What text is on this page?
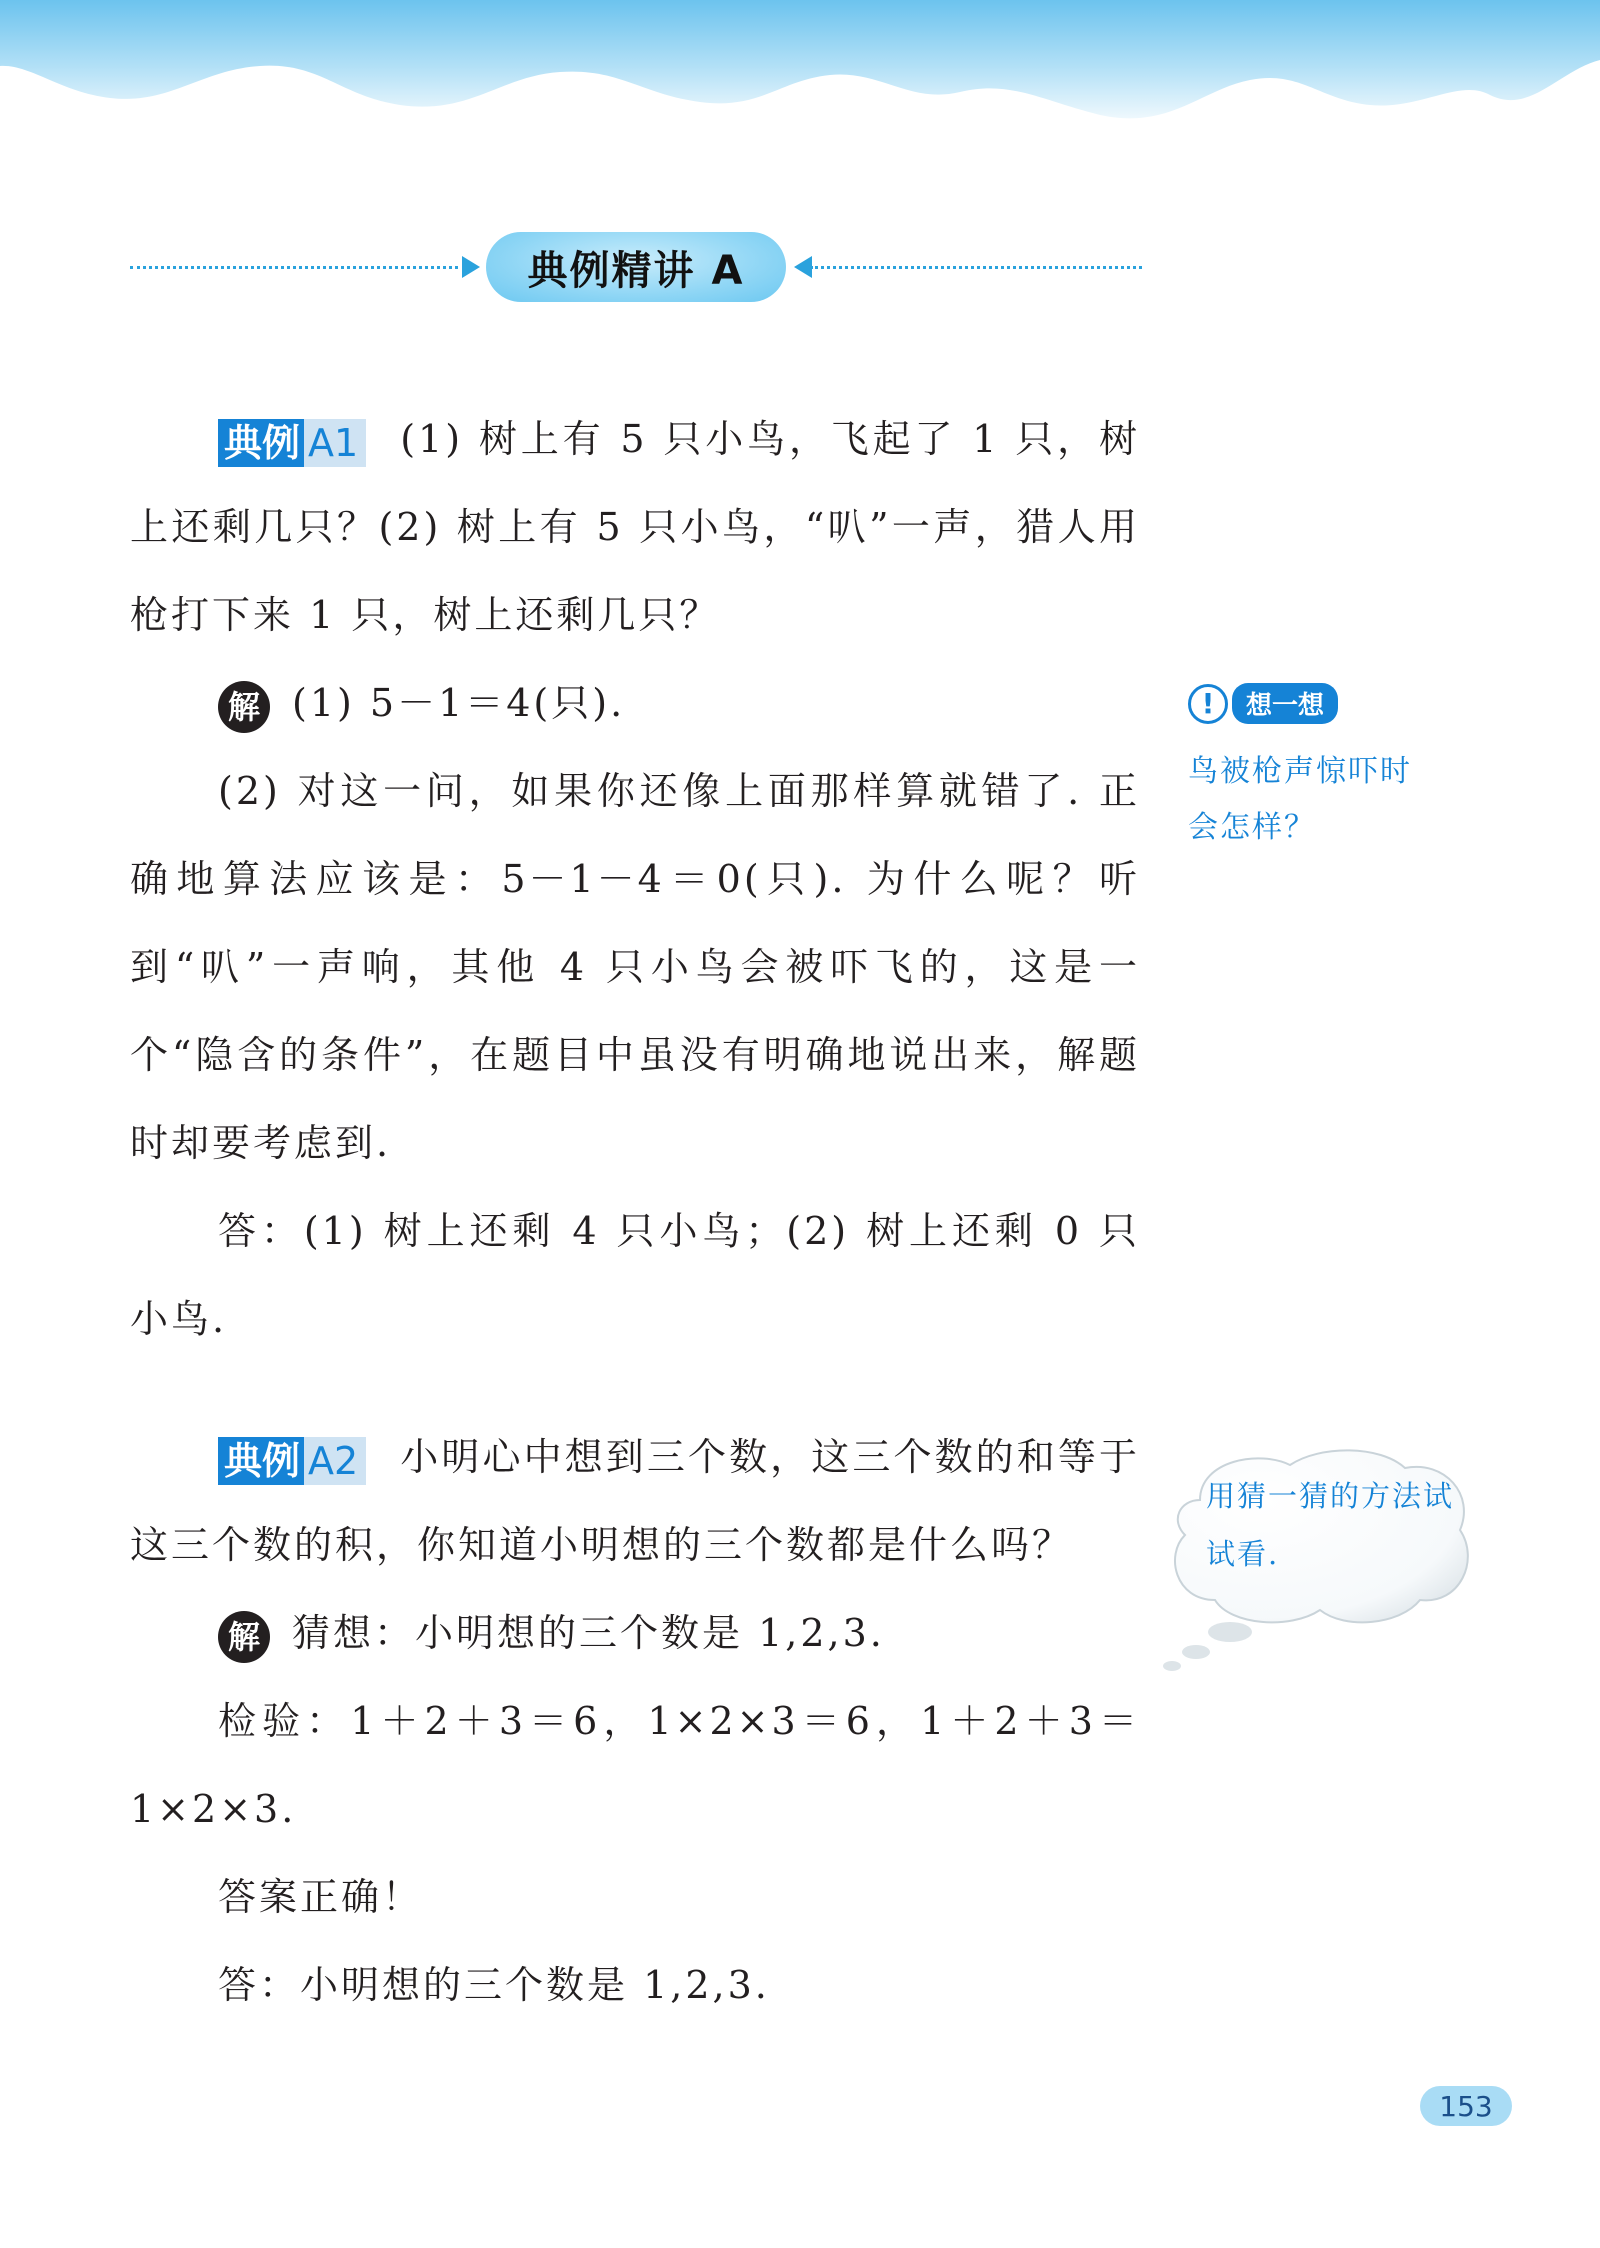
典例精讲 A

典例 A1 (1) 树上有 5 只小鸟，飞起了 1 只，树上还剩几只？(2) 树上有 5 只小鸟，“叭”一声，猎人用枪打下来 1 只，树上还剩几只？

解 (1) 5－1＝4(只).

(2) 对这一问，如果你还像上面那样算就错了. 正确地算法应该是：5－1－4＝0(只). 为什么呢？听到“叭”一声响，其他 4 只小鸟会被吓飞的，这是一个“隐含的条件”，在题目中虽没有明确地说出来，解题时却要考虑到.

答：(1) 树上还剩 4 只小鸟；(2) 树上还剩 0 只小鸟.

典例 A2 小明心中想到三个数，这三个数的和等于这三个数的积，你知道小明想的三个数都是什么吗？

解 猜想：小明想的三个数是 1,2,3.

检验：1＋2＋3＝6，1×2×3＝6，1＋2＋3＝1×2×3.

答案正确！

答：小明想的三个数是 1,2,3.

!	想一想
鸟被枪声惊吓时会怎样？
用猜一猜的方法试试看.
153
